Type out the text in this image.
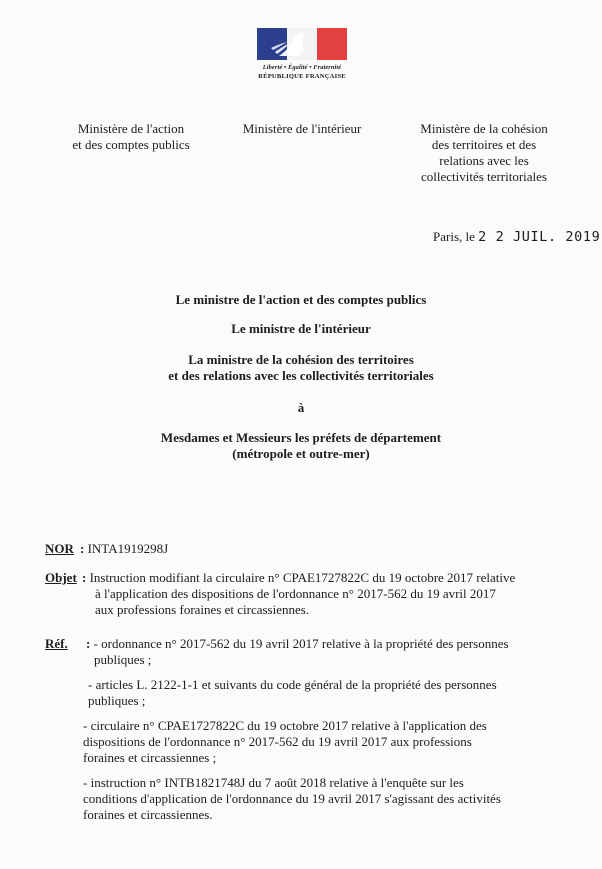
Liberté • Égalité • Fraternité
RÉPUBLIQUE FRANÇAISE
Ministère de l'action
et des comptes publics
Ministère de l'intérieur	Ministère de la cohésion
des territoires et des
relations avec les
collectivités territoriales
Paris, le 2 2 JUIL. 2019
Le ministre de l'action et des comptes publics
Le ministre de l'intérieur
La ministre de la cohésion des territoires
et des relations avec les collectivités territoriales
à
Mesdames et Messieurs les préfets de département
(métropole et outre-mer)
NOR : INTA1919298J
Objet : Instruction modifiant la circulaire n° CPAE1727822C du 19 octobre 2017 relative
à l'application des dispositions de l'ordonnance n° 2017-562 du 19 avril 2017
aux professions foraines et circassiennes.
Réf. : - ordonnance n° 2017-562 du 19 avril 2017 relative à la propriété des personnes
publiques ;
- articles L. 2122-1-1 et suivants du code général de la propriété des personnes
publiques ;
- circulaire n° CPAE1727822C du 19 octobre 2017 relative à l'application des
dispositions de l'ordonnance n° 2017-562 du 19 avril 2017 aux professions
foraines et circassiennes ;
- instruction n° INTB1821748J du 7 août 2018 relative à l'enquête sur les
conditions d'application de l'ordonnance du 19 avril 2017 s'agissant des activités
foraines et circassiennes.
